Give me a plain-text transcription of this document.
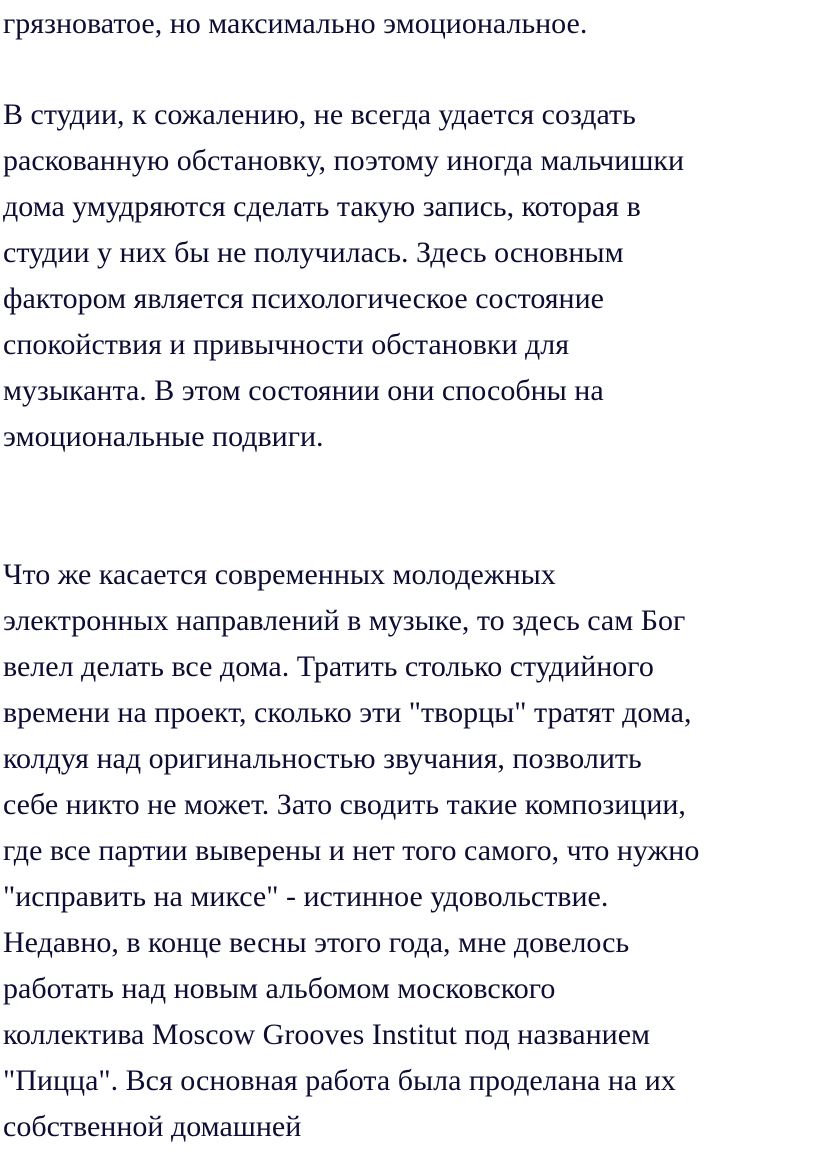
грязноватое, но максимально эмоциональное.
В студии, к сожалению, не всегда удается создать
раскованную обстановку, поэтому иногда мальчишки
дома умудряются сделать такую запись, которая в
студии у них бы не получилась. Здесь основным
фактором является психологическое состояние
спокойствия и привычности обстановки для
музыканта. В этом состоянии они способны на
эмоциональные подвиги.
Что же касается современных молодежных
электронных направлений в музыке, то здесь сам Бог
велел делать все дома. Тратить столько студийного
времени на проект, сколько эти "творцы" тратят дома,
колдуя над оригинальностью звучания, позволить
себе никто не может. Зато сводить такие композиции,
где все партии выверены и нет того самого, что нужно
"исправить на миксе" - истинное удовольствие.
Недавно, в конце весны этого года, мне довелось
работать над новым альбомом московского
коллектива Moscow Grooves Institut под названием
"Пицца". Вся основная работа была проделана на их
собственной домашней
